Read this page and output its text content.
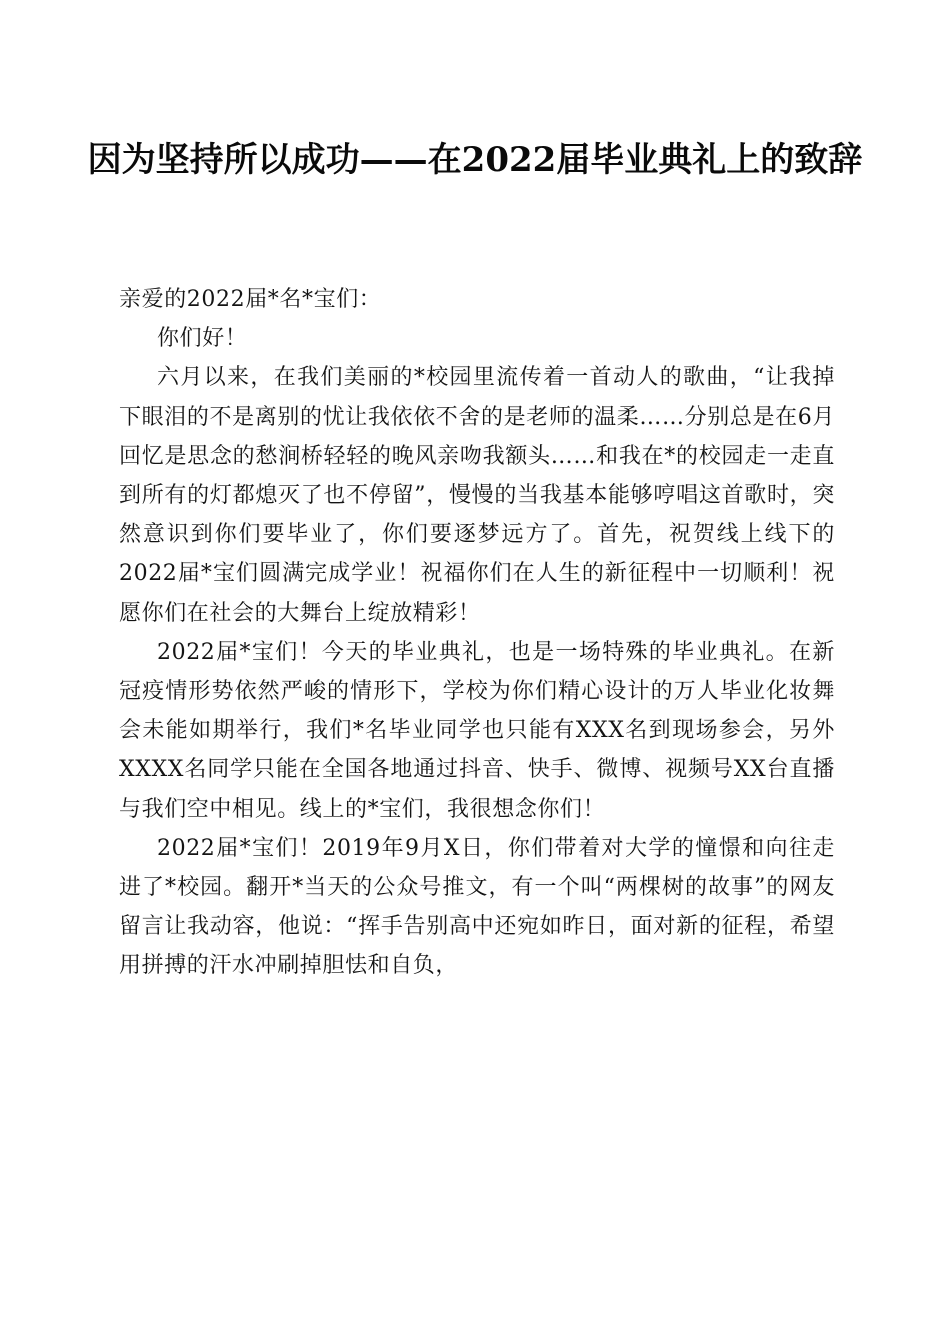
因为坚持所以成功——在2022届毕业典礼上的致辞

亲爱的2022届*名*宝们：

你们好！

六月以来，在我们美丽的*校园里流传着一首动人的歌曲，“让我掉下眼泪的不是离别的忧让我依依不舍的是老师的温柔……分别总是在6月回忆是思念的愁涧桥轻轻的晚风亲吻我额头……和我在*的校园走一走直到所有的灯都熄灭了也不停留”，慢慢的当我基本能够哼唱这首歌时，突然意识到你们要毕业了，你们要逐梦远方了。首先，祝贺线上线下的2022届*宝们圆满完成学业！祝福你们在人生的新征程中一切顺利！祝愿你们在社会的大舞台上绽放精彩！

2022届*宝们！今天的毕业典礼，也是一场特殊的毕业典礼。在新冠疫情形势依然严峻的情形下，学校为你们精心设计的万人毕业化妆舞会未能如期举行，我们*名毕业同学也只能有XXX名到现场参会，另外XXXX名同学只能在全国各地通过抖音、快手、微博、视频号XX台直播与我们空中相见。线上的*宝们，我很想念你们！

2022届*宝们！2019年9月X日，你们带着对大学的憧憬和向往走进了*校园。翻开*当天的公众号推文，有一个叫“两棵树的故事”的网友留言让我动容，他说：“挥手告别高中还宛如昨日，面对新的征程，希望用拼搏的汗水冲刷掉胆怯和自负，
